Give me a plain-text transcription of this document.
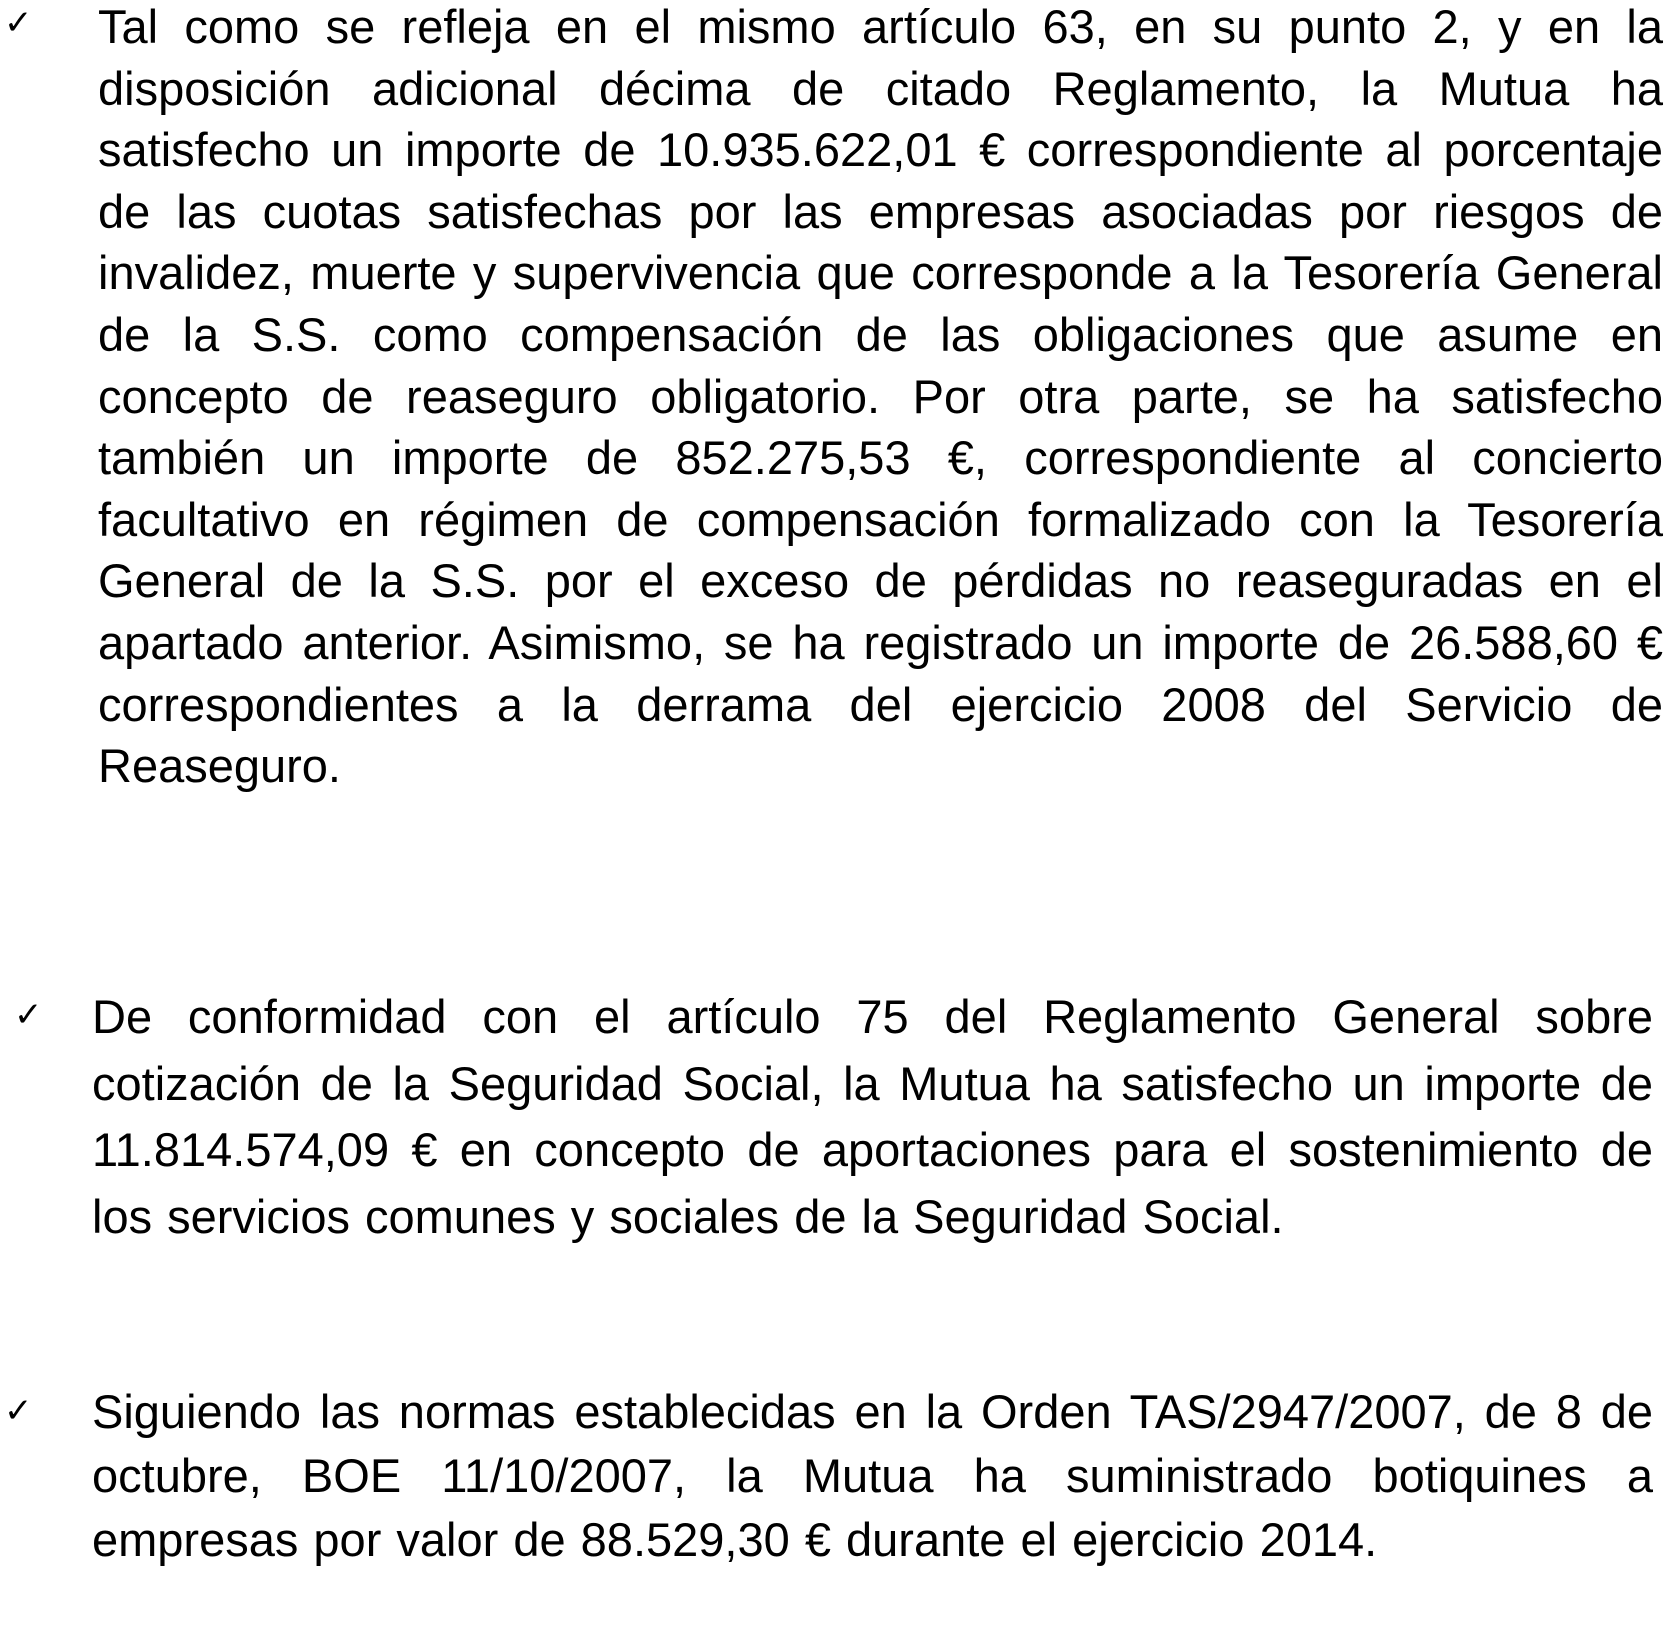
✓ Tal como se refleja en el mismo artículo 63, en su punto 2, y en la disposición adicional décima de citado Reglamento, la Mutua ha satisfecho un importe de 10.935.622,01 € correspondiente al porcentaje de las cuotas satisfechas por las empresas asociadas por riesgos de invalidez, muerte y supervivencia que corresponde a la Tesorería General de la S.S. como compensación de las obligaciones que asume en concepto de reaseguro obligatorio. Por otra parte, se ha satisfecho también un importe de 852.275,53 €, correspondiente al concierto facultativo en régimen de compensación formalizado con la Tesorería General de la S.S. por el exceso de pérdidas no reaseguradas en el apartado anterior. Asimismo, se ha registrado un importe de 26.588,60 € correspondientes a la derrama del ejercicio 2008 del Servicio de Reaseguro.

✓ De conformidad con el artículo 75 del Reglamento General sobre cotización de la Seguridad Social, la Mutua ha satisfecho un importe de 11.814.574,09 € en concepto de aportaciones para el sostenimiento de los servicios comunes y sociales de la Seguridad Social.

✓ Siguiendo las normas establecidas en la Orden TAS/2947/2007, de 8 de octubre, BOE 11/10/2007, la Mutua ha suministrado botiquines a empresas por valor de 88.529,30 € durante el ejercicio 2014.
